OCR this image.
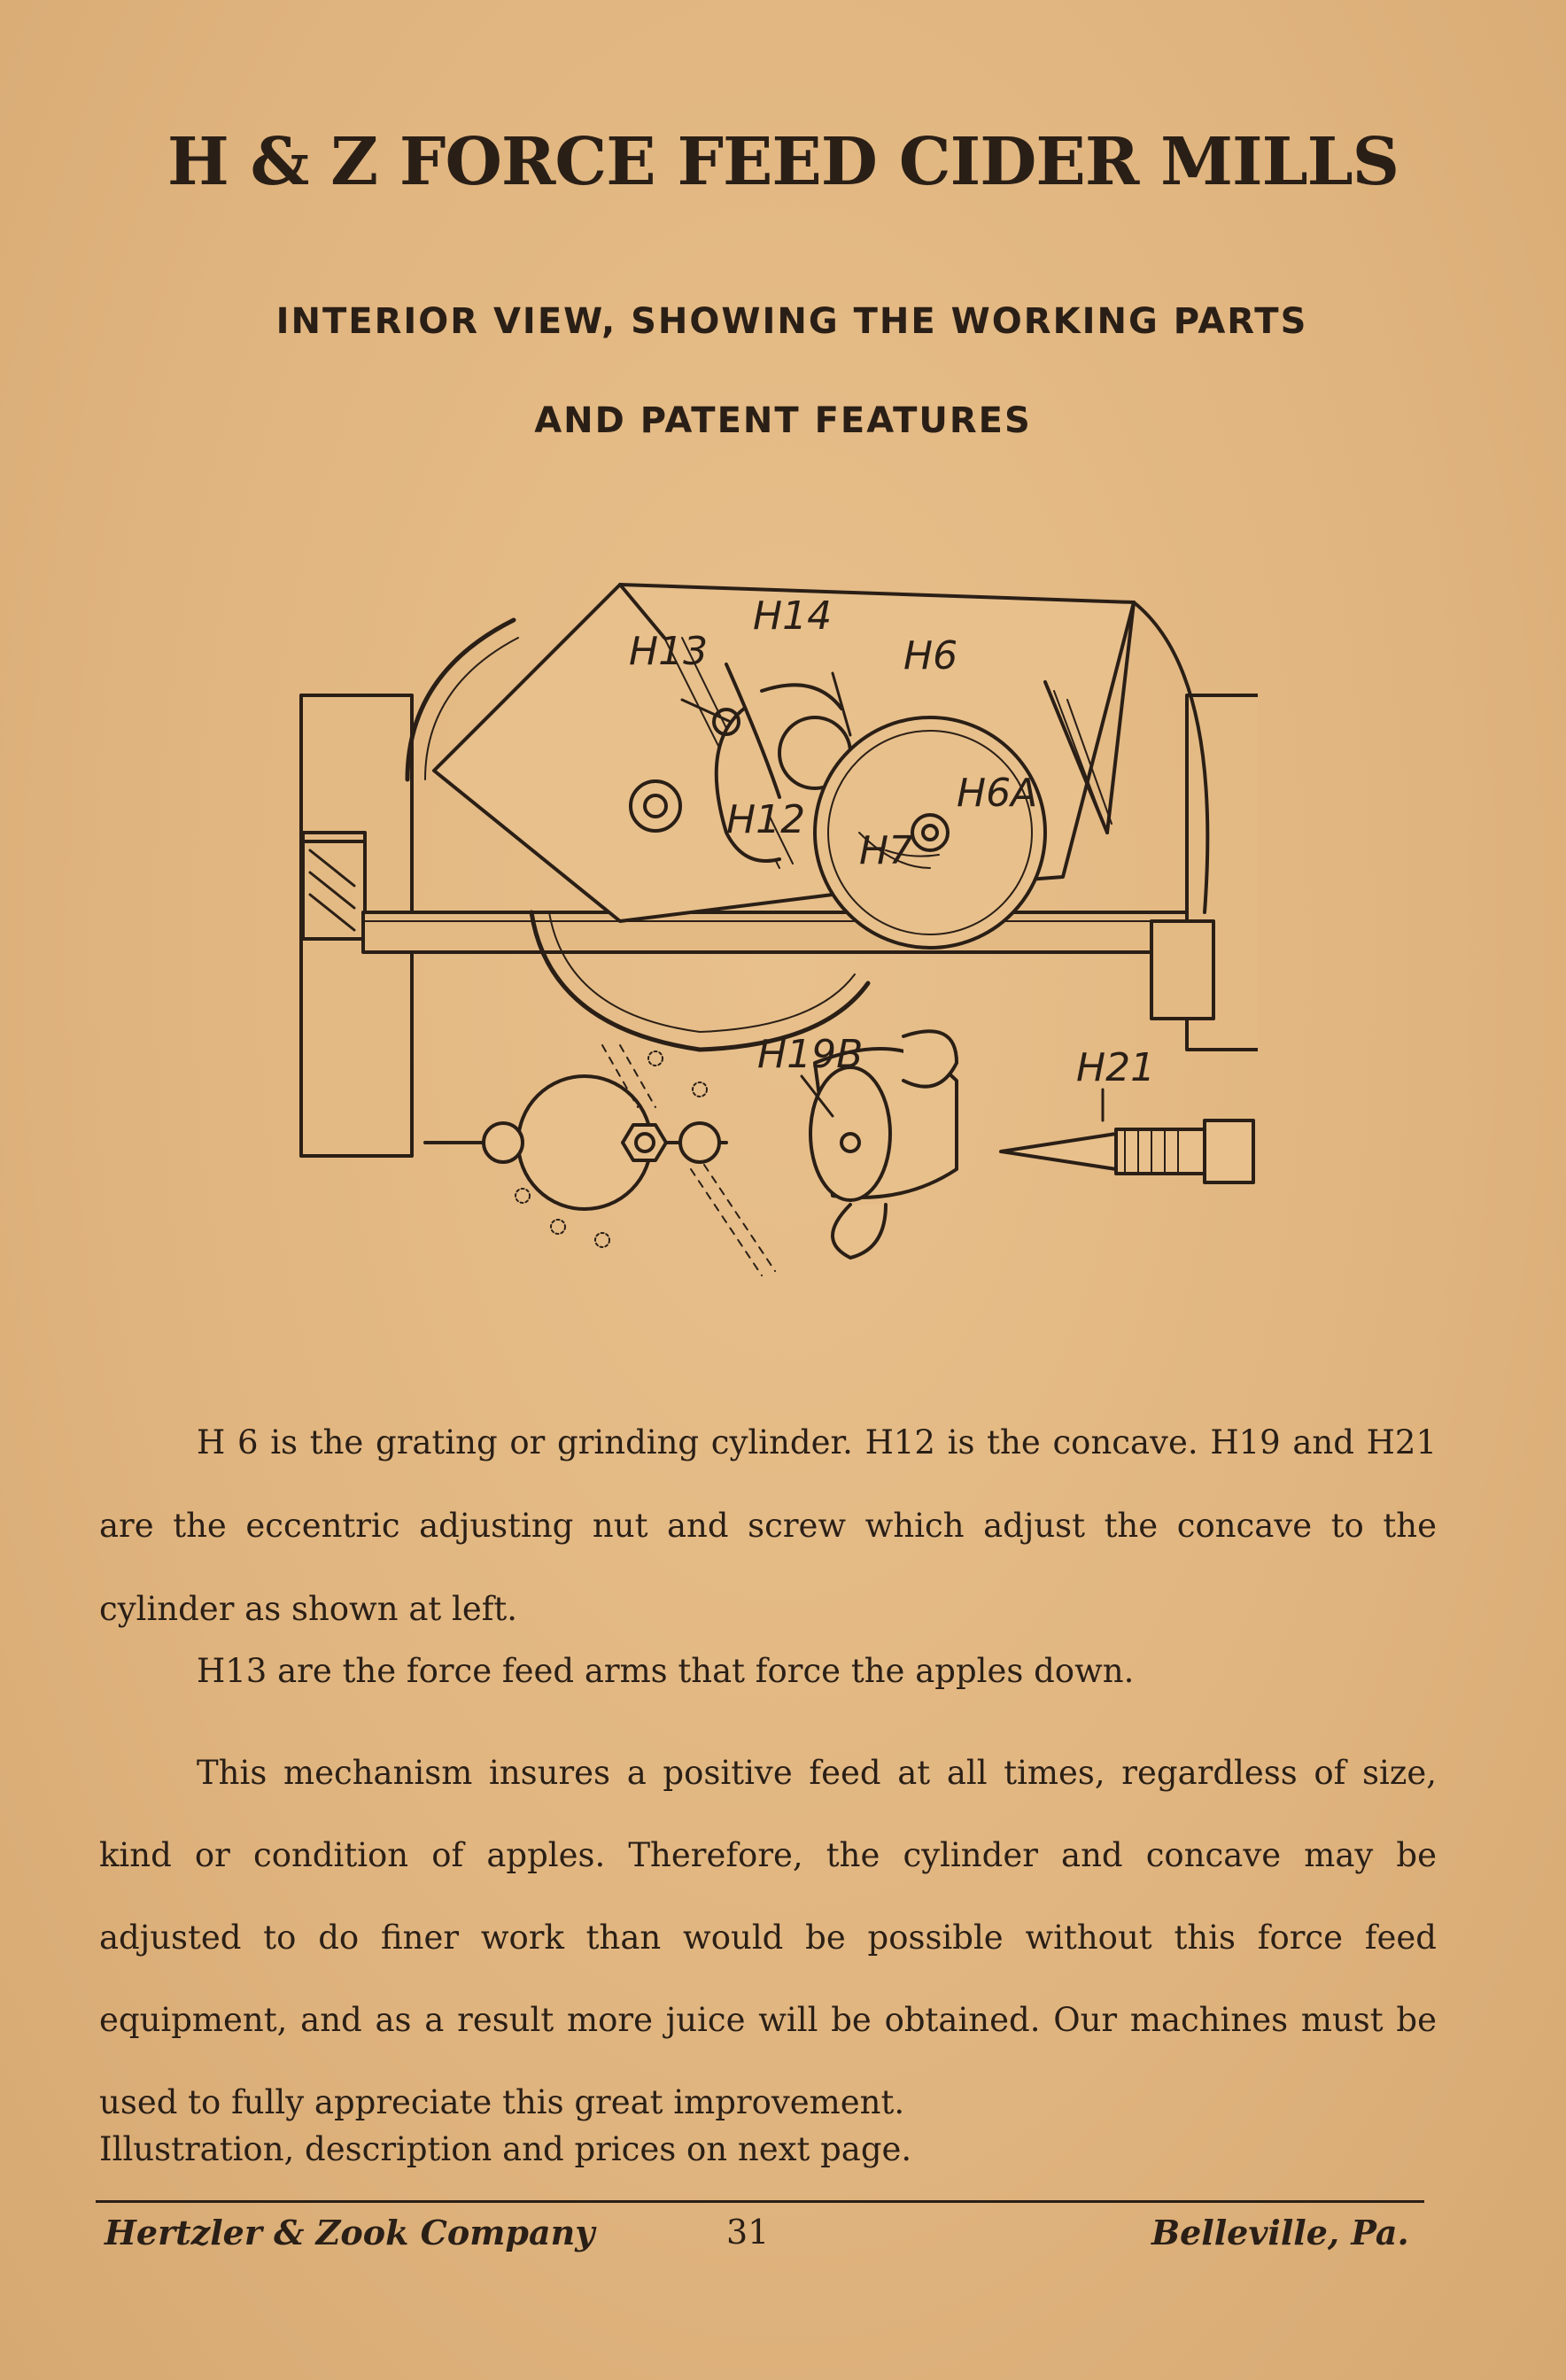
H & Z FORCE FEED CIDER MILLS
INTERIOR VIEW, SHOWING THE WORKING PARTS
AND PATENT FEATURES
H13
H14
H6
H6A
H12
H7
H19B	H21

H 6 is the grating or grinding cylinder. H12 is the concave. H19 and H21 are the eccentric adjusting nut and screw which adjust the concave to the cylinder as shown at left.

H13 are the force feed arms that force the apples down.

This mechanism insures a positive feed at all times, regardless of size, kind or condition of apples. Therefore, the cylinder and concave may be adjusted to do finer work than would be possible without this force feed equipment, and as a result more juice will be obtained. Our machines must be used to fully appreciate this great improvement.

Illustration, description and prices on next page.

Hertzler & Zook Company	31	Belleville, Pa.
